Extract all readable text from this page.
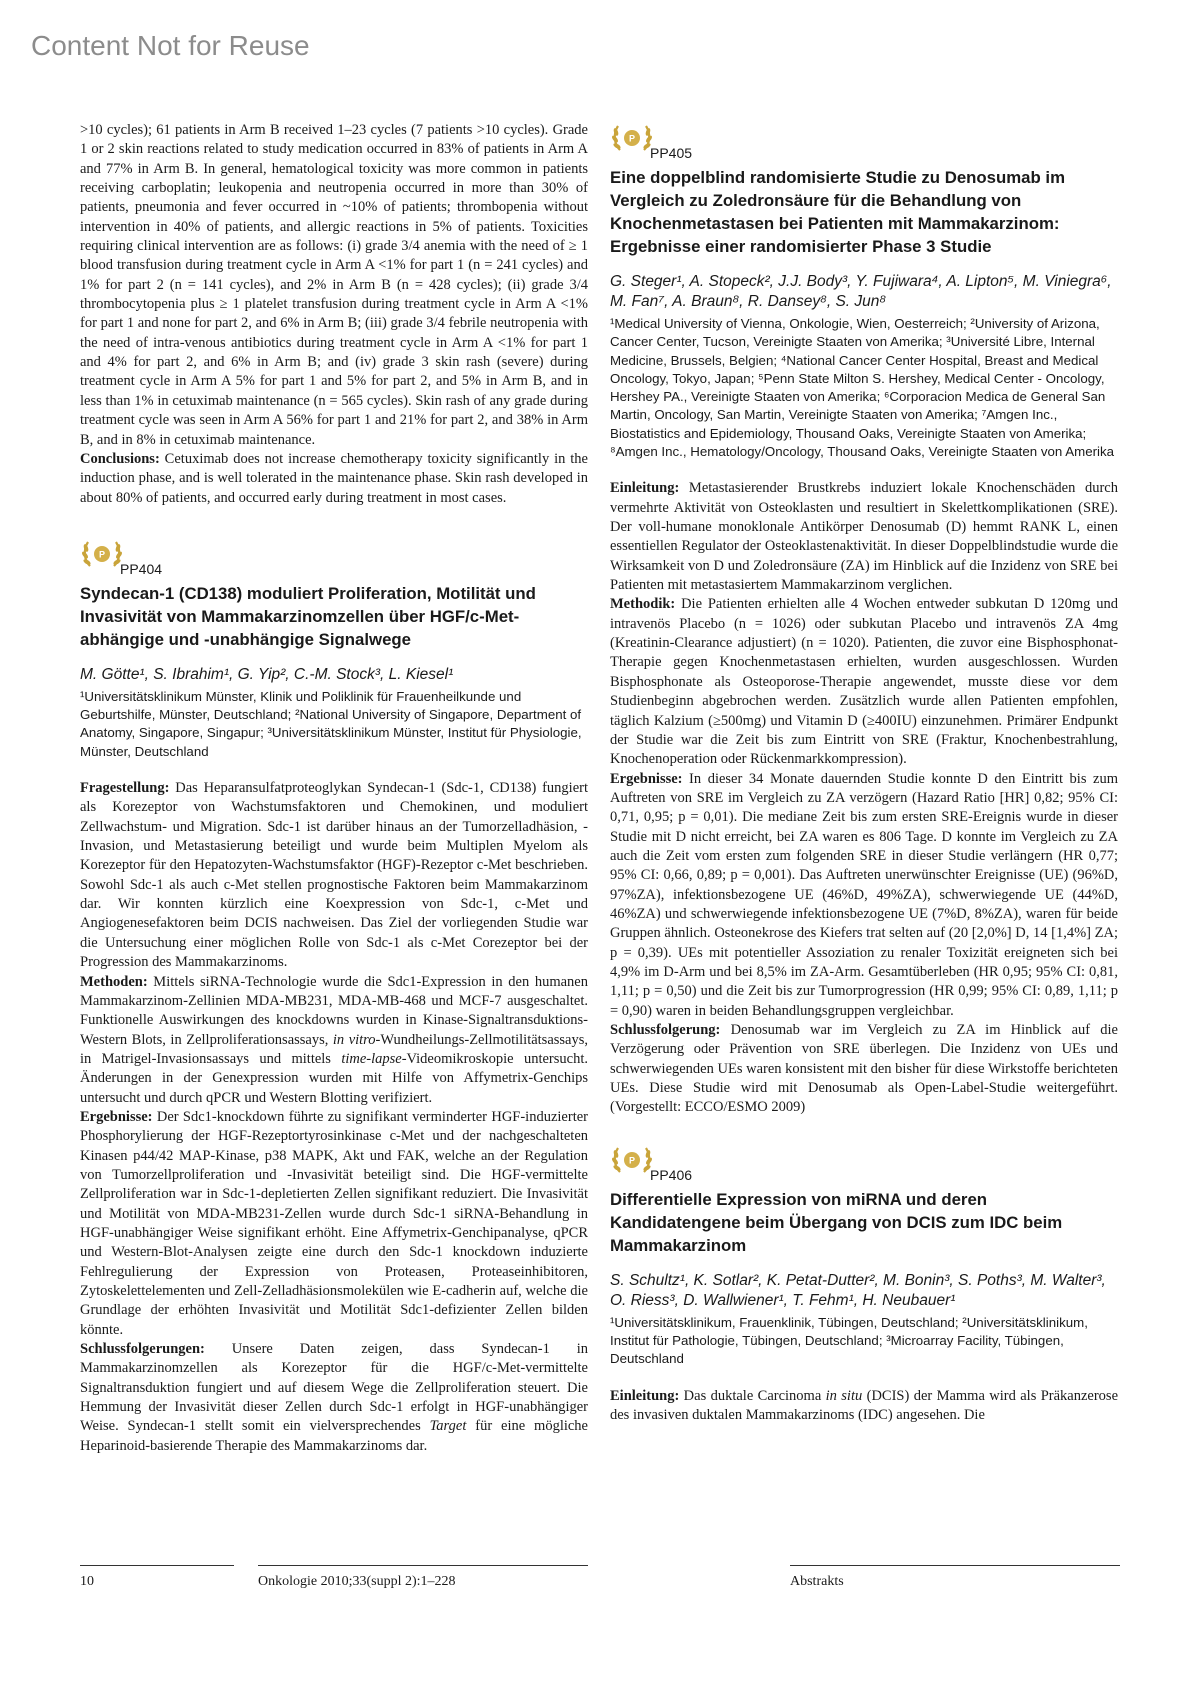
Content Not for Reuse

>10 cycles); 61 patients in Arm B received 1–23 cycles (7 patients >10 cycles). Grade 1 or 2 skin reactions related to study medication occurred in 83% of patients in Arm A and 77% in Arm B. In general, hematological toxicity was more common in patients receiving carboplatin; leukopenia and neutropenia occurred in more than 30% of patients, pneumonia and fever occurred in ~10% of patients; thrombopenia without intervention in 40% of patients, and allergic reactions in 5% of patients. Toxicities requiring clinical intervention are as follows: (i) grade 3/4 anemia with the need of ≥ 1 blood transfusion during treatment cycle in Arm A <1% for part 1 (n = 241 cycles) and 1% for part 2 (n = 141 cycles), and 2% in Arm B (n = 428 cycles); (ii) grade 3/4 thrombocytopenia plus ≥ 1 platelet transfusion during treatment cycle in Arm A <1% for part 1 and none for part 2, and 6% in Arm B; (iii) grade 3/4 febrile neutropenia with the need of intra-venous antibiotics during treatment cycle in Arm A <1% for part 1 and 4% for part 2, and 6% in Arm B; and (iv) grade 3 skin rash (severe) during treatment cycle in Arm A 5% for part 1 and 5% for part 2, and 5% in Arm B, and in less than 1% in cetuximab maintenance (n = 565 cycles). Skin rash of any grade during treatment cycle was seen in Arm A 56% for part 1 and 21% for part 2, and 38% in Arm B, and in 8% in cetuximab maintenance.

Conclusions: Cetuximab does not increase chemotherapy toxicity significantly in the induction phase, and is well tolerated in the maintenance phase. Skin rash developed in about 80% of patients, and occurred early during treatment in most cases.

P
PP404
Syndecan-1 (CD138) moduliert Proliferation, Motilität und Invasivität von Mammakarzinomzellen über HGF/c-Met-abhängige und -unabhängige Signalwege

M. Götte¹, S. Ibrahim¹, G. Yip², C.-M. Stock³, L. Kiesel¹

¹Universitätsklinikum Münster, Klinik und Poliklinik für Frauenheilkunde und Geburtshilfe, Münster, Deutschland; ²National University of Singapore, Department of Anatomy, Singapore, Singapur; ³Universitätsklinikum Münster, Institut für Physiologie, Münster, Deutschland

Fragestellung: Das Heparansulfatproteoglykan Syndecan-1 (Sdc-1, CD138) fungiert als Korezeptor von Wachstumsfaktoren und Chemokinen, und moduliert Zellwachstum- und Migration. Sdc-1 ist darüber hinaus an der Tumorzelladhäsion, -Invasion, und Metastasierung beteiligt und wurde beim Multiplen Myelom als Korezeptor für den Hepatozyten-Wachstumsfaktor (HGF)-Rezeptor c-Met beschrieben. Sowohl Sdc-1 als auch c-Met stellen prognostische Faktoren beim Mammakarzinom dar. Wir konnten kürzlich eine Koexpression von Sdc-1, c-Met und Angiogenesefaktoren beim DCIS nachweisen. Das Ziel der vorliegenden Studie war die Untersuchung einer möglichen Rolle von Sdc-1 als c-Met Corezeptor bei der Progression des Mammakarzinoms.

Methoden: Mittels siRNA-Technologie wurde die Sdc1-Expression in den humanen Mammakarzinom-Zellinien MDA-MB231, MDA-MB-468 und MCF-7 ausgeschaltet. Funktionelle Auswirkungen des knockdowns wurden in Kinase-Signaltransduktions-Western Blots, in Zellproliferationsassays, in vitro-Wundheilungs-Zellmotilitätsassays, in Matrigel-Invasionsassays und mittels time-lapse-Videomikroskopie untersucht. Änderungen in der Genexpression wurden mit Hilfe von Affymetrix-Genchips untersucht und durch qPCR und Western Blotting verifiziert.

Ergebnisse: Der Sdc1-knockdown führte zu signifikant verminderter HGF-induzierter Phosphorylierung der HGF-Rezeptortyrosinkinase c-Met und der nachgeschalteten Kinasen p44/42 MAP-Kinase, p38 MAPK, Akt und FAK, welche an der Regulation von Tumorzellproliferation und -Invasivität beteiligt sind. Die HGF-vermittelte Zellproliferation war in Sdc-1-depletierten Zellen signifikant reduziert. Die Invasivität und Motilität von MDA-MB231-Zellen wurde durch Sdc-1 siRNA-Behandlung in HGF-unabhängiger Weise signifikant erhöht. Eine Affymetrix-Genchipanalyse, qPCR und Western-Blot-Analysen zeigte eine durch den Sdc-1 knockdown induzierte Fehlregulierung der Expression von Proteasen, Proteaseinhibitoren, Zytoskelettelementen und Zell-Zelladhäsionsmolekülen wie E-cadherin auf, welche die Grundlage der erhöhten Invasivität und Motilität Sdc1-defizienter Zellen bilden könnte.

Schlussfolgerungen: Unsere Daten zeigen, dass Syndecan-1 in Mammakarzinomzellen als Korezeptor für die HGF/c-Met-vermittelte Signaltransduktion fungiert und auf diesem Wege die Zellproliferation steuert. Die Hemmung der Invasivität dieser Zellen durch Sdc-1 erfolgt in HGF-unabhängiger Weise. Syndecan-1 stellt somit ein vielversprechendes Target für eine mögliche Heparinoid-basierende Therapie des Mammakarzinoms dar.

P
PP405
Eine doppelblind randomisierte Studie zu Denosumab im Vergleich zu Zoledronsäure für die Behandlung von Knochenmetastasen bei Patienten mit Mammakarzinom: Ergebnisse einer randomisierter Phase 3 Studie

G. Steger¹, A. Stopeck², J.J. Body³, Y. Fujiwara⁴, A. Lipton⁵, M. Viniegra⁶, M. Fan⁷, A. Braun⁸, R. Dansey⁸, S. Jun⁸

¹Medical University of Vienna, Onkologie, Wien, Oesterreich; ²University of Arizona, Cancer Center, Tucson, Vereinigte Staaten von Amerika; ³Université Libre, Internal Medicine, Brussels, Belgien; ⁴National Cancer Center Hospital, Breast and Medical Oncology, Tokyo, Japan; ⁵Penn State Milton S. Hershey, Medical Center - Oncology, Hershey PA., Vereinigte Staaten von Amerika; ⁶Corporacion Medica de General San Martin, Oncology, San Martin, Vereinigte Staaten von Amerika; ⁷Amgen Inc., Biostatistics and Epidemiology, Thousand Oaks, Vereinigte Staaten von Amerika; ⁸Amgen Inc., Hematology/Oncology, Thousand Oaks, Vereinigte Staaten von Amerika

Einleitung: Metastasierender Brustkrebs induziert lokale Knochenschäden durch vermehrte Aktivität von Osteoklasten und resultiert in Skelettkomplikationen (SRE). Der voll-humane monoklonale Antikörper Denosumab (D) hemmt RANK L, einen essentiellen Regulator der Osteoklastenaktivität. In dieser Doppelblindstudie wurde die Wirksamkeit von D und Zoledronsäure (ZA) im Hinblick auf die Inzidenz von SRE bei Patienten mit metastasiertem Mammakarzinom verglichen.

Methodik: Die Patienten erhielten alle 4 Wochen entweder subkutan D 120mg und intravenös Placebo (n = 1026) oder subkutan Placebo und intravenös ZA 4mg (Kreatinin-Clearance adjustiert) (n = 1020). Patienten, die zuvor eine Bisphosphonat-Therapie gegen Knochenmetastasen erhielten, wurden ausgeschlossen. Wurden Bisphosphonate als Osteoporose-Therapie angewendet, musste diese vor dem Studienbeginn abgebrochen werden. Zusätzlich wurde allen Patienten empfohlen, täglich Kalzium (≥500mg) und Vitamin D (≥400IU) einzunehmen. Primärer Endpunkt der Studie war die Zeit bis zum Eintritt von SRE (Fraktur, Knochenbestrahlung, Knochenoperation oder Rückenmarkkompression).

Ergebnisse: In dieser 34 Monate dauernden Studie konnte D den Eintritt bis zum Auftreten von SRE im Vergleich zu ZA verzögern (Hazard Ratio [HR] 0,82; 95% CI: 0,71, 0,95; p = 0,01). Die mediane Zeit bis zum ersten SRE-Ereignis wurde in dieser Studie mit D nicht erreicht, bei ZA waren es 806 Tage. D konnte im Vergleich zu ZA auch die Zeit vom ersten zum folgenden SRE in dieser Studie verlängern (HR 0,77; 95% CI: 0,66, 0,89; p = 0,001). Das Auftreten unerwünschter Ereignisse (UE) (96%D, 97%ZA), infektionsbezogene UE (46%D, 49%ZA), schwerwiegende UE (44%D, 46%ZA) und schwerwiegende infektionsbezogene UE (7%D, 8%ZA), waren für beide Gruppen ähnlich. Osteonekrose des Kiefers trat selten auf (20 [2,0%] D, 14 [1,4%] ZA; p = 0,39). UEs mit potentieller Assoziation zu renaler Toxizität ereigneten sich bei 4,9% im D-Arm und bei 8,5% im ZA-Arm. Gesamtüberleben (HR 0,95; 95% CI: 0,81, 1,11; p = 0,50) und die Zeit bis zur Tumorprogression (HR 0,99; 95% CI: 0,89, 1,11; p = 0,90) waren in beiden Behandlungsgruppen vergleichbar.

Schlussfolgerung: Denosumab war im Vergleich zu ZA im Hinblick auf die Verzögerung oder Prävention von SRE überlegen. Die Inzidenz von UEs und schwerwiegenden UEs waren konsistent mit den bisher für diese Wirkstoffe berichteten UEs. Diese Studie wird mit Denosumab als Open-Label-Studie weitergeführt. (Vorgestellt: ECCO/ESMO 2009)

P
PP406
Differentielle Expression von miRNA und deren Kandidatengene beim Übergang von DCIS zum IDC beim Mammakarzinom

S. Schultz¹, K. Sotlar², K. Petat-Dutter², M. Bonin³, S. Poths³, M. Walter³, O. Riess³, D. Wallwiener¹, T. Fehm¹, H. Neubauer¹

¹Universitätsklinikum, Frauenklinik, Tübingen, Deutschland; ²Universitätsklinikum, Institut für Pathologie, Tübingen, Deutschland; ³Microarray Facility, Tübingen, Deutschland

Einleitung: Das duktale Carcinoma in situ (DCIS) der Mamma wird als Präkanzerose des invasiven duktalen Mammakarzinoms (IDC) angesehen. Die

10	Onkologie 2010;33(suppl 2):1–228	Abstrakts
